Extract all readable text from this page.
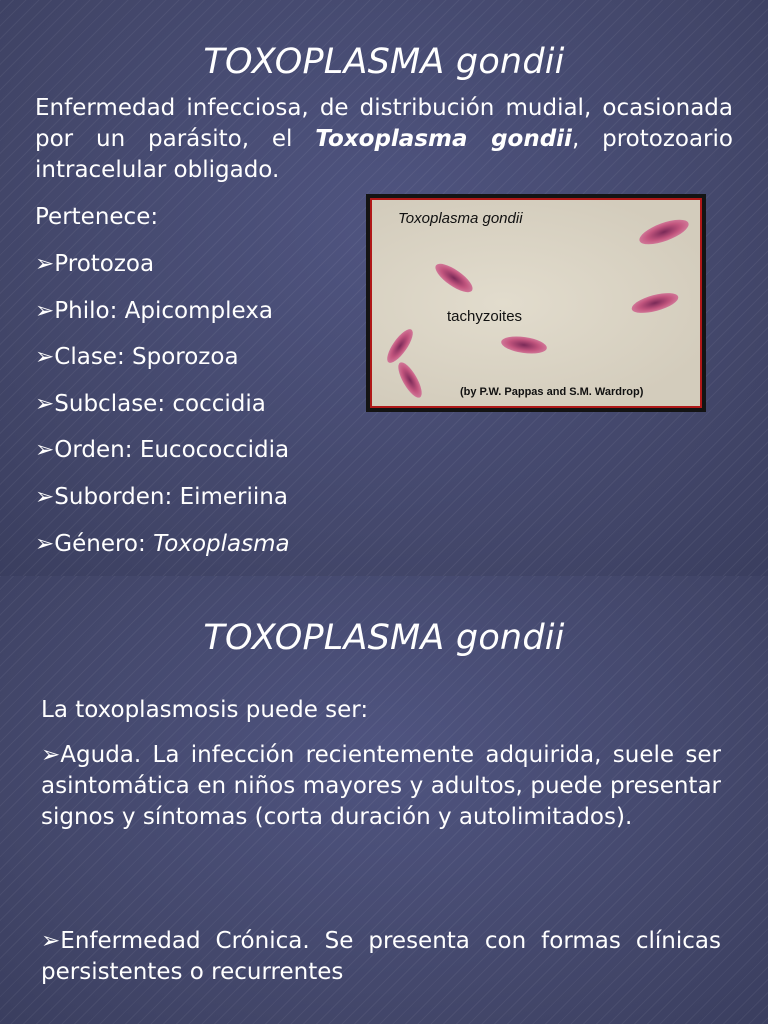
TOXOPLASMA gondii

Enfermedad infecciosa, de distribución mudial, ocasionada por un parásito, el Toxoplasma gondii, protozoario intracelular obligado.

Pertenece:

➢Protozoa

➢Philo: Apicomplexa

➢Clase: Sporozoa

➢Subclase: coccidia

➢Orden: Eucococcidia

➢Suborden: Eimeriina

➢Género: Toxoplasma

Toxoplasma gondii
tachyzoites
(by P.W. Pappas and S.M. Wardrop)
TOXOPLASMA gondii

La toxoplasmosis puede ser:

➢Aguda. La infección recientemente adquirida, suele ser asintomática en niños mayores y adultos, puede presentar signos y síntomas (corta duración y autolimitados).

➢Enfermedad Crónica. Se presenta con formas clínicas persistentes o recurrentes
